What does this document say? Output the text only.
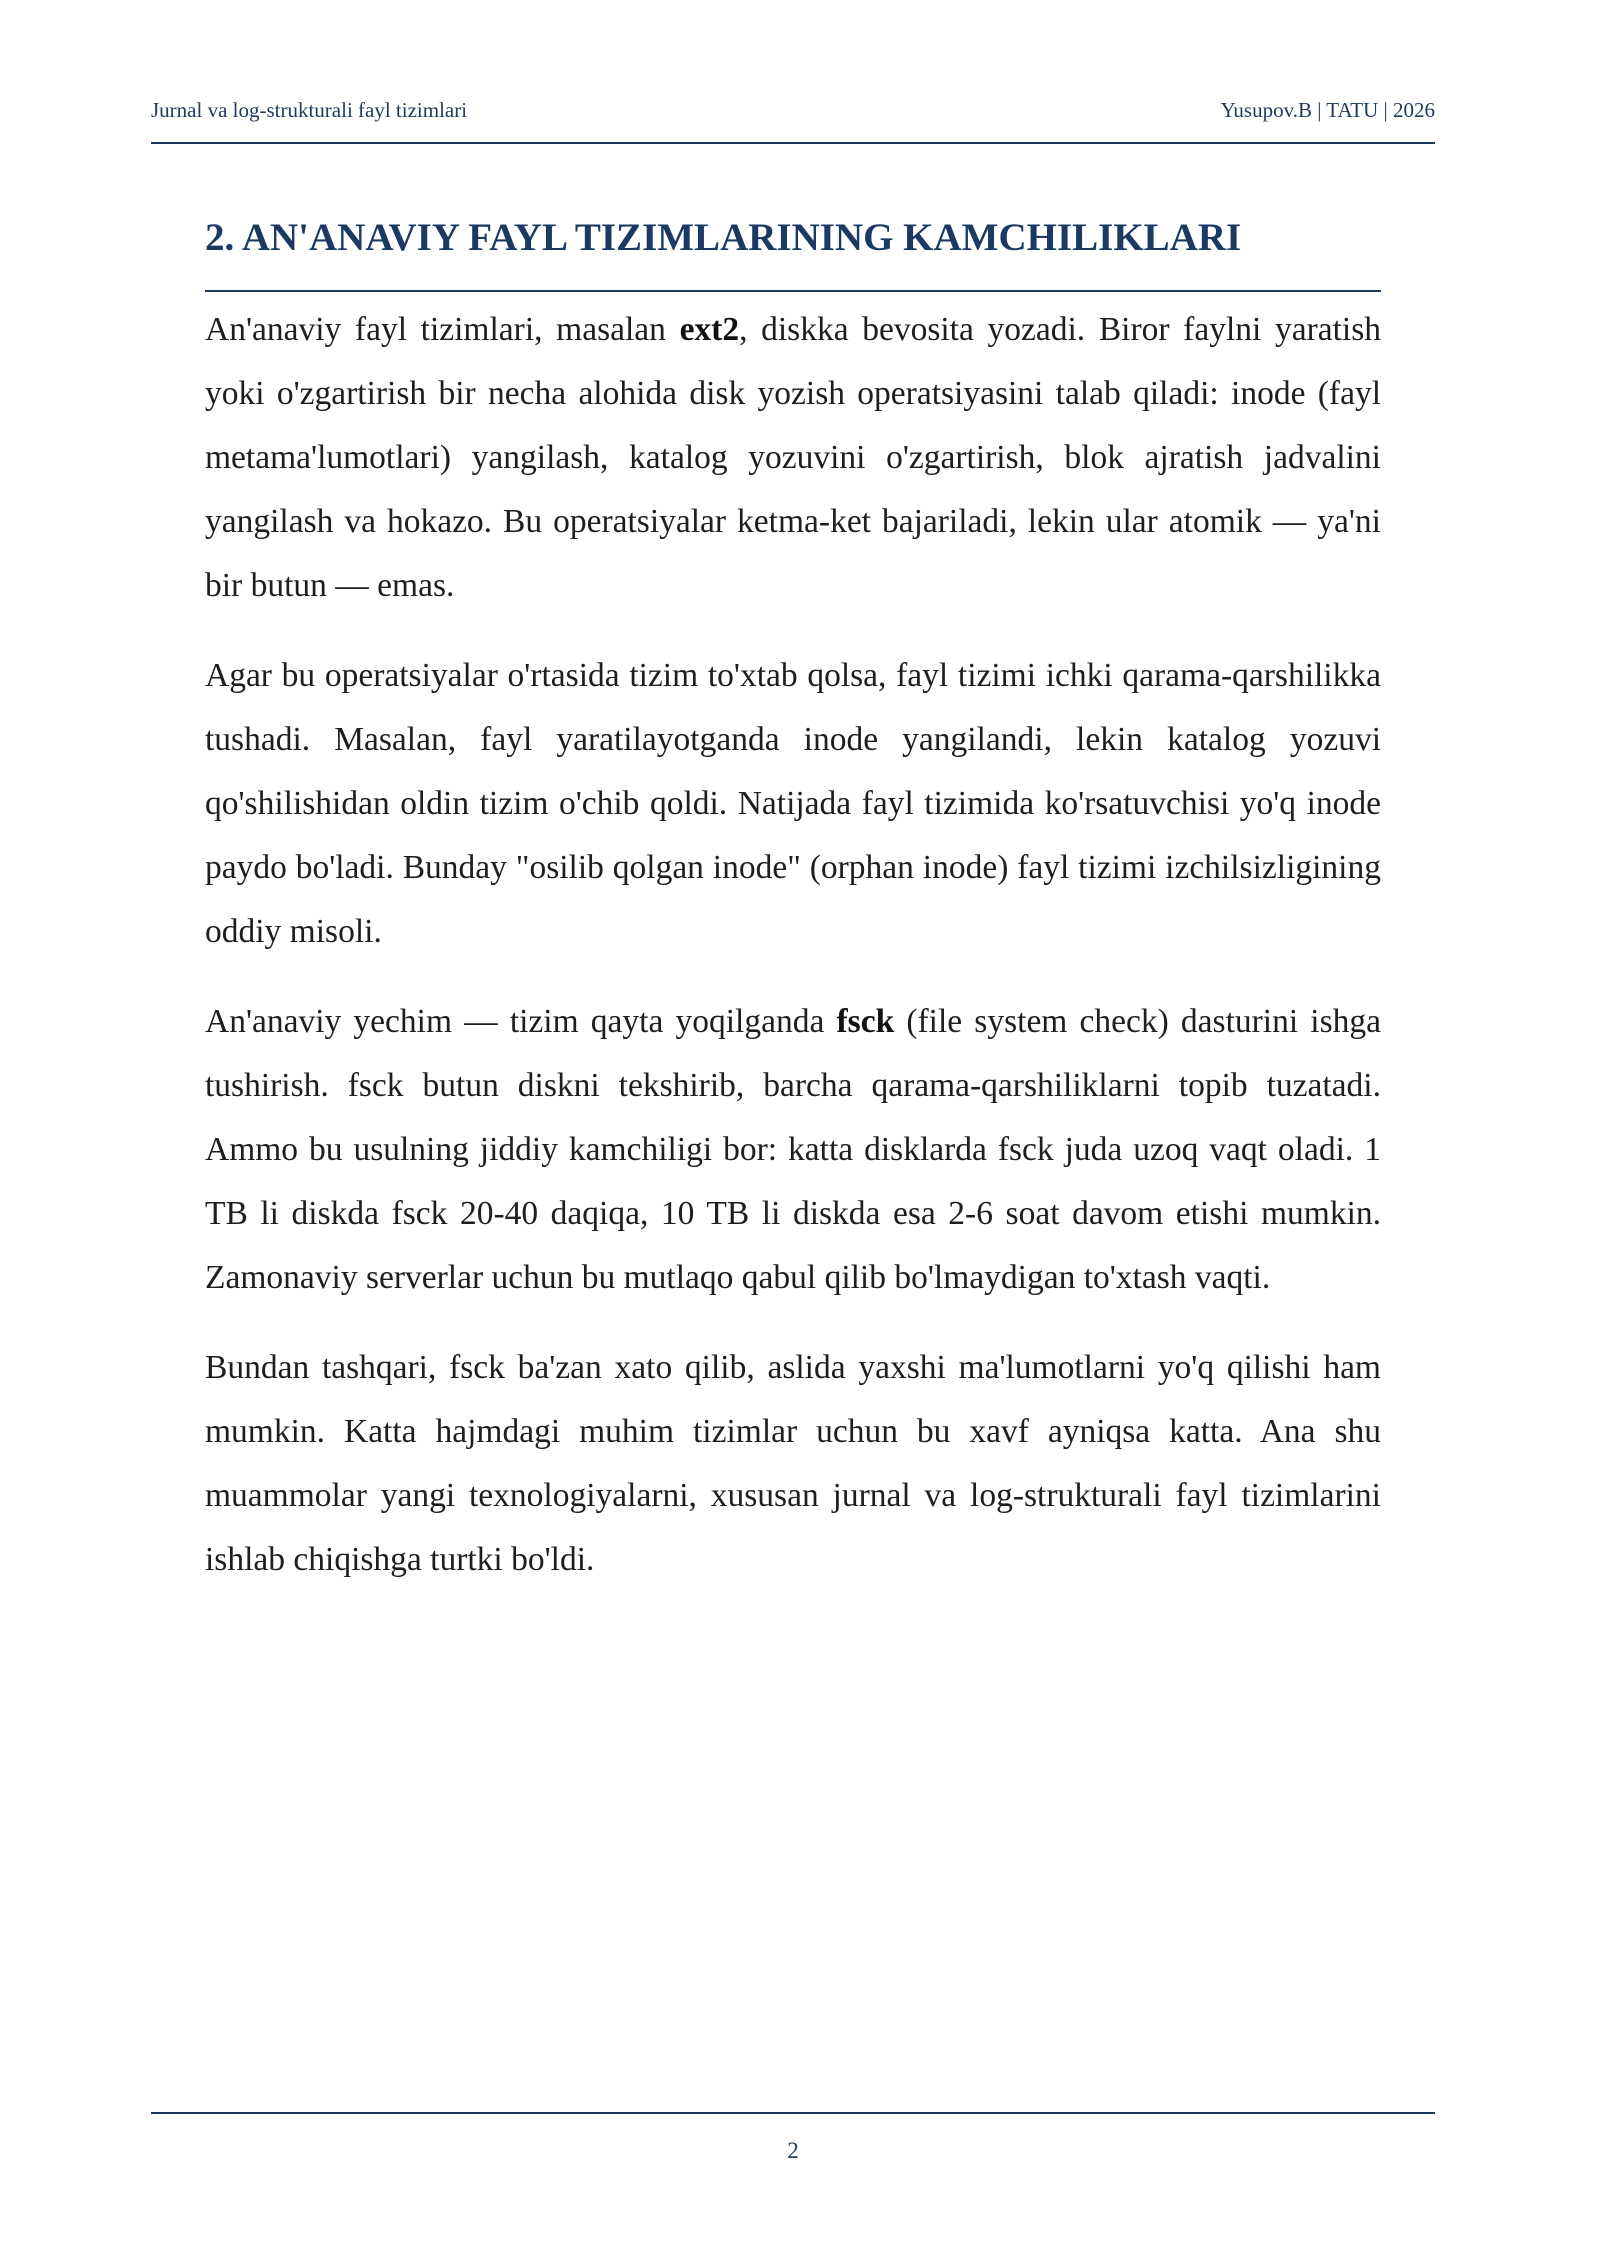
Jurnal va log-strukturali fayl tizimlari	Yusupov.B | TATU | 2026
2. AN'ANAVIY FAYL TIZIMLARINING KAMCHILIKLARI

An'anaviy fayl tizimlari, masalan ext2, diskka bevosita yozadi. Biror faylni yaratish yoki o'zgartirish bir necha alohida disk yozish operatsiyasini talab qiladi: inode (fayl metama'lumotlari) yangilash, katalog yozuvini o'zgartirish, blok ajratish jadvalini yangilash va hokazo. Bu operatsiyalar ketma-ket bajariladi, lekin ular atomik — ya'ni bir butun — emas.

Agar bu operatsiyalar o'rtasida tizim to'xtab qolsa, fayl tizimi ichki qarama-qarshilikka tushadi. Masalan, fayl yaratilayotganda inode yangilandi, lekin katalog yozuvi qo'shilishidan oldin tizim o'chib qoldi. Natijada fayl tizimida ko'rsatuvchisi yo'q inode paydo bo'ladi. Bunday "osilib qolgan inode" (orphan inode) fayl tizimi izchilsizligining oddiy misoli.

An'anaviy yechim — tizim qayta yoqilganda fsck (file system check) dasturini ishga tushirish. fsck butun diskni tekshirib, barcha qarama-qarshiliklarni topib tuzatadi. Ammo bu usulning jiddiy kamchiligi bor: katta disklarda fsck juda uzoq vaqt oladi. 1 TB li diskda fsck 20-40 daqiqa, 10 TB li diskda esa 2-6 soat davom etishi mumkin. Zamonaviy serverlar uchun bu mutlaqo qabul qilib bo'lmaydigan to'xtash vaqti.

Bundan tashqari, fsck ba'zan xato qilib, aslida yaxshi ma'lumotlarni yo'q qilishi ham mumkin. Katta hajmdagi muhim tizimlar uchun bu xavf ayniqsa katta. Ana shu muammolar yangi texnologiyalarni, xususan jurnal va log-strukturali fayl tizimlarini ishlab chiqishga turtki bo'ldi.

2
